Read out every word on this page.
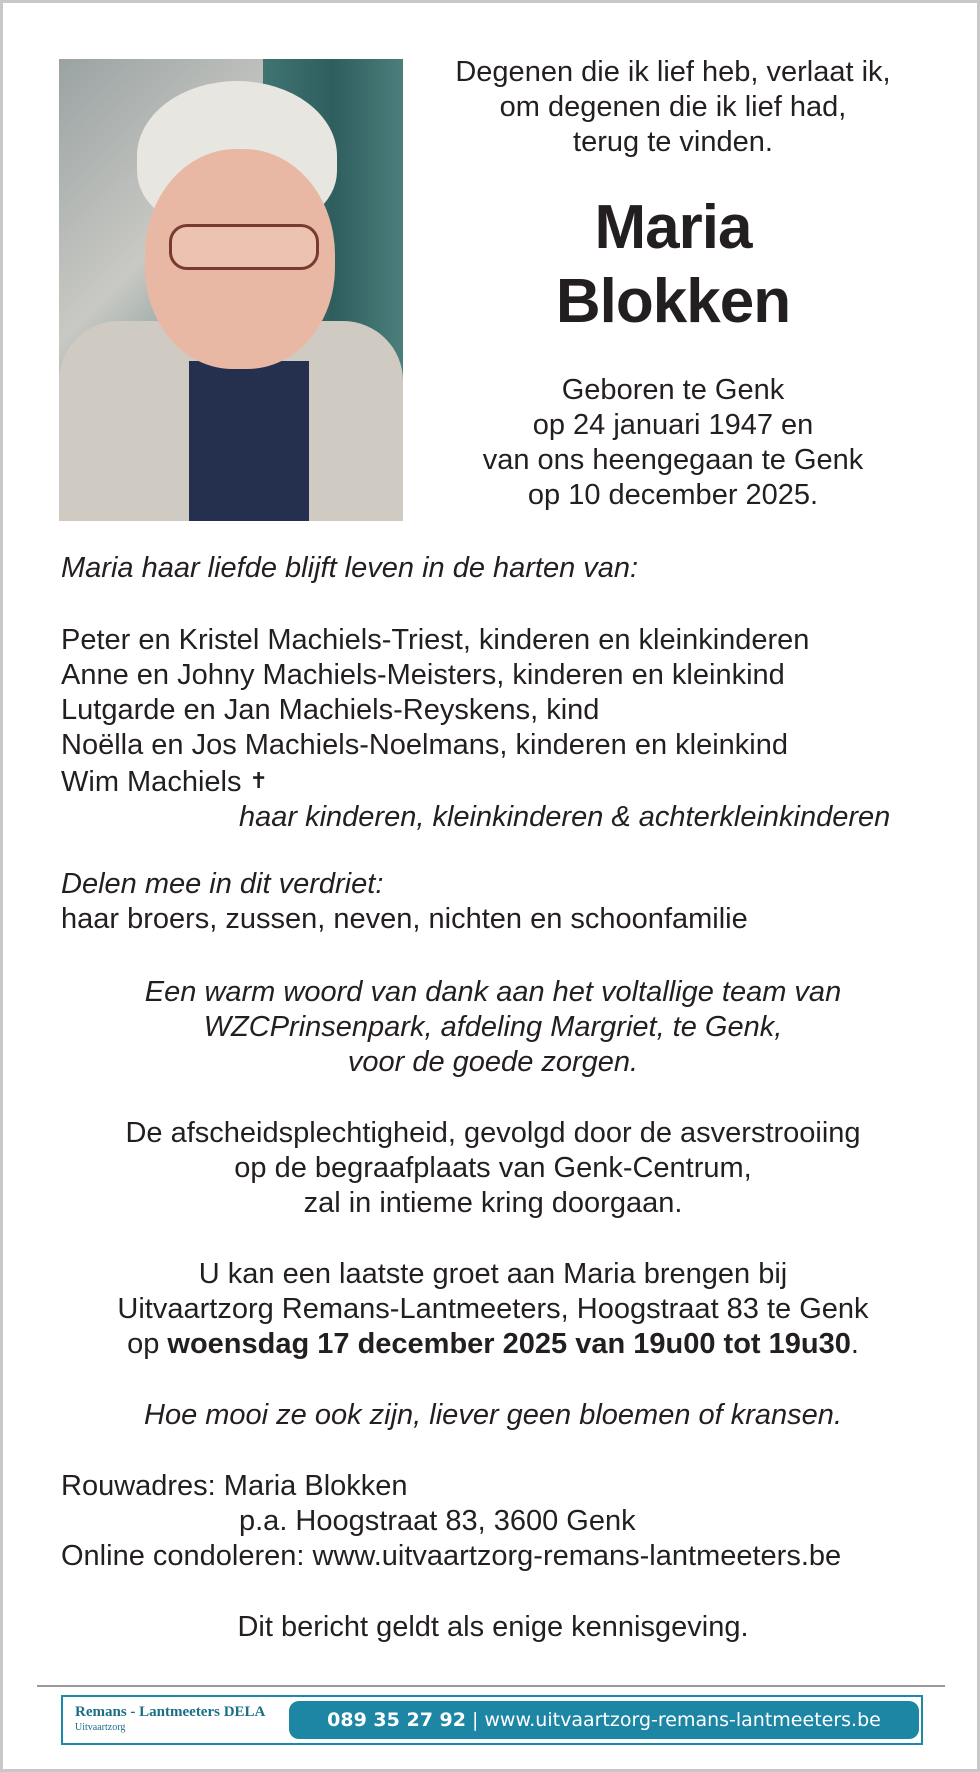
Degenen die ik lief heb, verlaat ik,
om degenen die ik lief had,
terug te vinden.
Maria
Blokken
Geboren te Genk
op 24 januari 1947 en
van ons heengegaan te Genk
op 10 december 2025.
Maria haar liefde blijft leven in de harten van:
Peter en Kristel Machiels-Triest, kinderen en kleinkinderen
Anne en Johny Machiels-Meisters, kinderen en kleinkind
Lutgarde en Jan Machiels-Reyskens, kind
Noëlla en Jos Machiels-Noelmans, kinderen en kleinkind
Wim Machiels ✝
haar kinderen, kleinkinderen & achterkleinkinderen
Delen mee in dit verdriet:
haar broers, zussen, neven, nichten en schoonfamilie
Een warm woord van dank aan het voltallige team van
WZCPrinsenpark, afdeling Margriet, te Genk,
voor de goede zorgen.
De afscheidsplechtigheid, gevolgd door de asverstrooiing
op de begraafplaats van Genk-Centrum,
zal in intieme kring doorgaan.
U kan een laatste groet aan Maria brengen bij
Uitvaartzorg Remans-Lantmeeters, Hoogstraat 83 te Genk
op woensdag 17 december 2025 van 19u00 tot 19u30.
Hoe mooi ze ook zijn, liever geen bloemen of kransen.
Rouwadres: Maria Blokken
p.a. Hoogstraat 83, 3600 Genk
Online condoleren: www.uitvaartzorg-remans-lantmeeters.be
Dit bericht geldt als enige kennisgeving.
Remans - Lantmeeters DELA
Uitvaartzorg	089 35 27 92 | www.uitvaartzorg-remans-lantmeeters.be
